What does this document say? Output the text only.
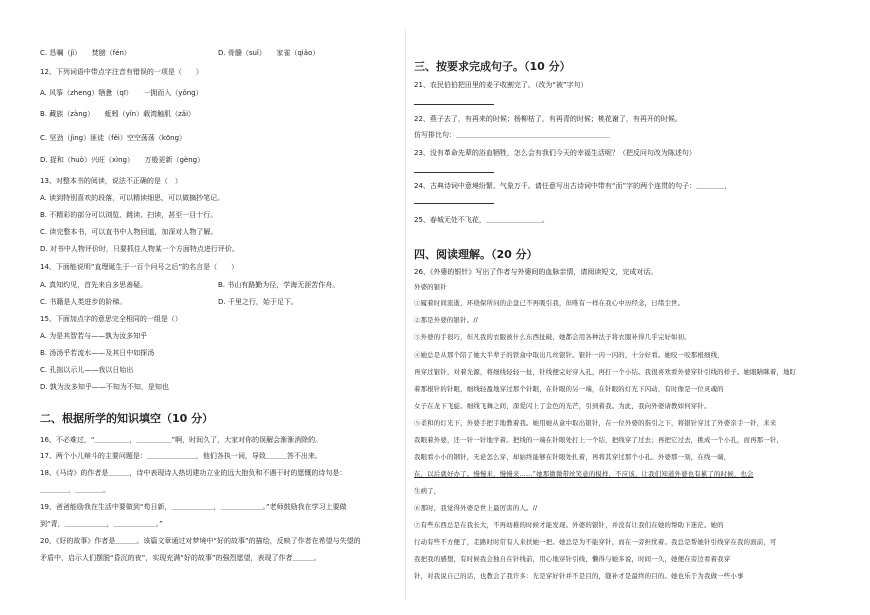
C. 恳嘱（jì）　　焚膀（fén）	D. 骨髓（suǐ）　　家雀（qiǎo）
12、下列词语中带点字注音有错误的一项是（　　）
A. 风筝（zheng）牺惫（qī）　　一拥而入（yǒng）
B. 藏族（zàng）　　蚯蚓（yǐn）载湾触肌（zǎi）
C. 坚劲（jìng）匪徒（fěi）空空荡荡（kōng）
D. 捉和（huò）兴旺（xìng）　　万般更新（gèng）
13、对整本书的阅读，说法不正确的是（　）
A. 读到特别喜欢的段落，可以精读细思，可以做摘抄笔记。
B. 不精彩的部分可以浏览、跳读、扫读，甚至一目十行。
C. 读完整本书，可以直书中人物回道，加深对人物了解。
D. 对书中人物评价时，只要抓住人物某一个方面特点进行评价。
14、下面能说明“直理诞生于一百个问号之后”的名言是（　　）
A. 真知灼见，首先来自多思善疑。	B. 书山有路勤为径，学海无涯苦作舟。
C. 书籍是人类进步的阶梯。	D. 千里之行，始于足下。
15、下面加点字的意思完全相同的一组是（）
A. 为是其智若与——孰为汝多知乎
B. 汤汤乎若流水——及其日中如探汤
C. 孔拙以示儿——我以日始出
D. 孰为汝多知乎——不知为不知，是知也
二、根据所学的知识填空（10 分）
16、不必难过，“＿＿＿＿＿，＿＿＿＿＿”啊，时间久了，大家对你的误解会渐渐消除的。
17、两个小儿辩斗的主要问题是：＿＿＿＿＿＿＿，他们各执一词，导致＿＿＿答不出来。
18、《马诗》的作者是＿＿＿，诗中表现诗人热切建功立业的远大抱负和不遇干时的愿慨的诗句是：
＿＿＿＿，＿＿＿＿。
19、爸爸能励我在生活中要做到“苟日新，＿＿＿＿＿＿，＿＿＿＿＿＿。”老师鼓励我在学习上要做
到“青，＿＿＿＿＿＿，＿＿＿＿＿＿。”
20、《好的故事》作者是＿＿＿。该篇文章通过对梦境中“好的故事”的描绘，反映了作者在希望与失望的
矛盾中，启示人们摆脱“昏沉的夜”，实现充满“好的故事”的强烈愿望，表现了作者＿＿＿。
三、按要求完成句子。（10 分）
21、农民伯伯把田里的麦子收割完了。（改为“被”字句）
22、燕子去了，有再来的时候；杨柳枯了，有再青的时候；桃花谢了，有再开的时候。
仿写排比句：＿＿＿＿＿＿＿＿＿＿＿＿＿＿＿＿＿＿＿＿＿＿
23、没有革命先辈的浴血牺牲，怎么会有我们今天的幸福生活呢？（把反问句改为陈述句）
24、古典诗词中意境纷繁、气象万千。请任意写出古诗词中带有“而”字的两个连贯的句子：＿＿＿＿，
25、春城无处不飞花，＿＿＿＿＿＿＿＿。
四、阅读理解。（20 分）
26、《外婆的银针》写出了作者与外婆间的血脉亲情，请阅读短文，完成对话。
外婆的银针
①履着时间流逝，环绕保所问的企盘已不再吸引我，但唯有一样在我心中历经念，日绪尘世。
②那是外婆的银针。//
③外婆的手很巧，但凡我的衣服被什么东西扯破，她都会用各种法子将衣服补得几乎完好如初。
④她总是从那个陪了她大半辈子的铁盒中取出几丝银针。银针一闪一闪的，十分好看。她咬一咬那根细线，
再穿过银针，对着光源，将细线轻轻一扯，针线便完好穿入孔，再打一个小结。我很喜欢看外婆穿针引线的样子。她眼睛眯着，地盯
着那根针的针眼，细线轻盈地穿过那个针眼，在针眼的另一端，在针眼的灯光下闪动，有时像是一位灵魂的
女子在龙下飞旋。细线飞舞之间，深爱闪上了金色的光芒，引到着我。为此，我向外婆请教如何穿针。
⑤柔和的灯光下，外婆手把手地教着我。她用她从盒中取出银针，在一位外婆的指引之下，将银针穿过了外婆亲手一针，来来
我眼着外婆，还一针一针地学着。把线的一端在针眼处打上一个结，把线穿了过去；再把它过去，挑成一个小孔，而再那一针，
我眼看小小的钢针，无论怎么穿，却始终能够在针眼处扎着，再将其穿过那个小孔。外婆那一刻，在线一端，
在，以后就好办了。慢慢来，慢慢来……”她那微微带丝笑意的模样，不应该，让我们知道外婆也有累了的时候，也会
生病了，
⑥那时，我觉得外婆是世上最厉害的人。//
⑦有些东西总是在我长大，不再幼稚的时候才能发现。外婆的银针，并没有让我们在她的帮助下迷茫。她的
行动有些不方便了，走路时时常有人来扶她一把。她总是为不能穿针，而在一旁担忧着。我总是帮她针引线穿在我的面前，可
我把我的感想，有时候我会独自在针线前，用心地穿针引线，懒得与她多说，时间一久，她便在旁边看着我穿
针，对我说自己的话，也教会了我许多：光是穿好针并不是目的，缝补才是最终的目的。她也乐于为我做一些小事
